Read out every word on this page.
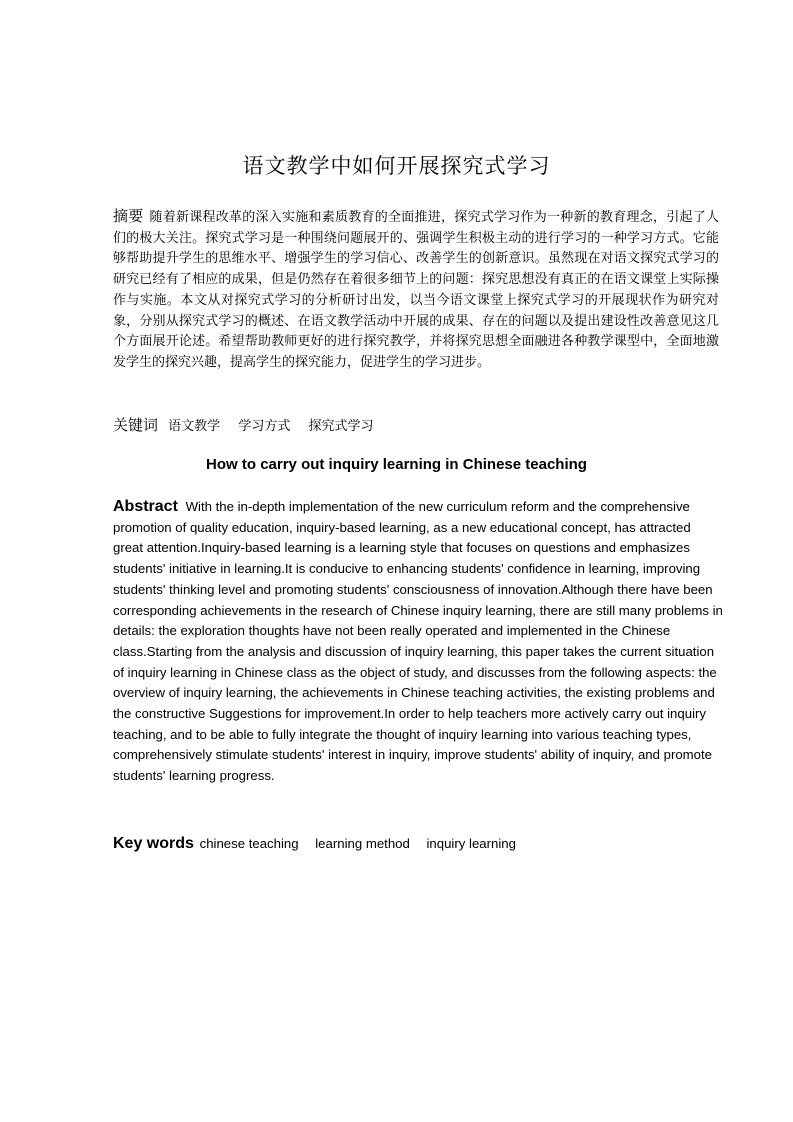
语文教学中如何开展探究式学习
摘要 随着新课程改革的深入实施和素质教育的全面推进，探究式学习作为一种新的教育理念，引起了人们的极大关注。探究式学习是一种围绕问题展开的、强调学生积极主动的进行学习的一种学习方式。它能够帮助提升学生的思维水平、增强学生的学习信心、改善学生的创新意识。虽然现在对语文探究式学习的研究已经有了相应的成果，但是仍然存在着很多细节上的问题：探究思想没有真正的在语文课堂上实际操作与实施。本文从对探究式学习的分析研讨出发，以当今语文课堂上探究式学习的开展现状作为研究对象，分别从探究式学习的概述、在语文教学活动中开展的成果、存在的问题以及提出建设性改善意见这几个方面展开论述。希望帮助教师更好的进行探究教学，并将探究思想全面融进各种教学课型中，全面地激发学生的探究兴趣，提高学生的探究能力，促进学生的学习进步。
关键词 语文教学 学习方式 探究式学习
How to carry out inquiry learning in Chinese teaching
Abstract With the in-depth implementation of the new curriculum reform and the comprehensive promotion of quality education, inquiry-based learning, as a new educational concept, has attracted great attention.Inquiry-based learning is a learning style that focuses on questions and emphasizes students' initiative in learning.It is conducive to enhancing students' confidence in learning, improving students' thinking level and promoting students' consciousness of innovation.Although there have been corresponding achievements in the research of Chinese inquiry learning, there are still many problems in details: the exploration thoughts have not been really operated and implemented in the Chinese class.Starting from the analysis and discussion of inquiry learning, this paper takes the current situation of inquiry learning in Chinese class as the object of study, and discusses from the following aspects: the overview of inquiry learning, the achievements in Chinese teaching activities, the existing problems and the constructive Suggestions for improvement.In order to help teachers more actively carry out inquiry teaching, and to be able to fully integrate the thought of inquiry learning into various teaching types, comprehensively stimulate students' interest in inquiry, improve students' ability of inquiry, and promote students' learning progress.
Key words chinese teaching learning method inquiry learning
